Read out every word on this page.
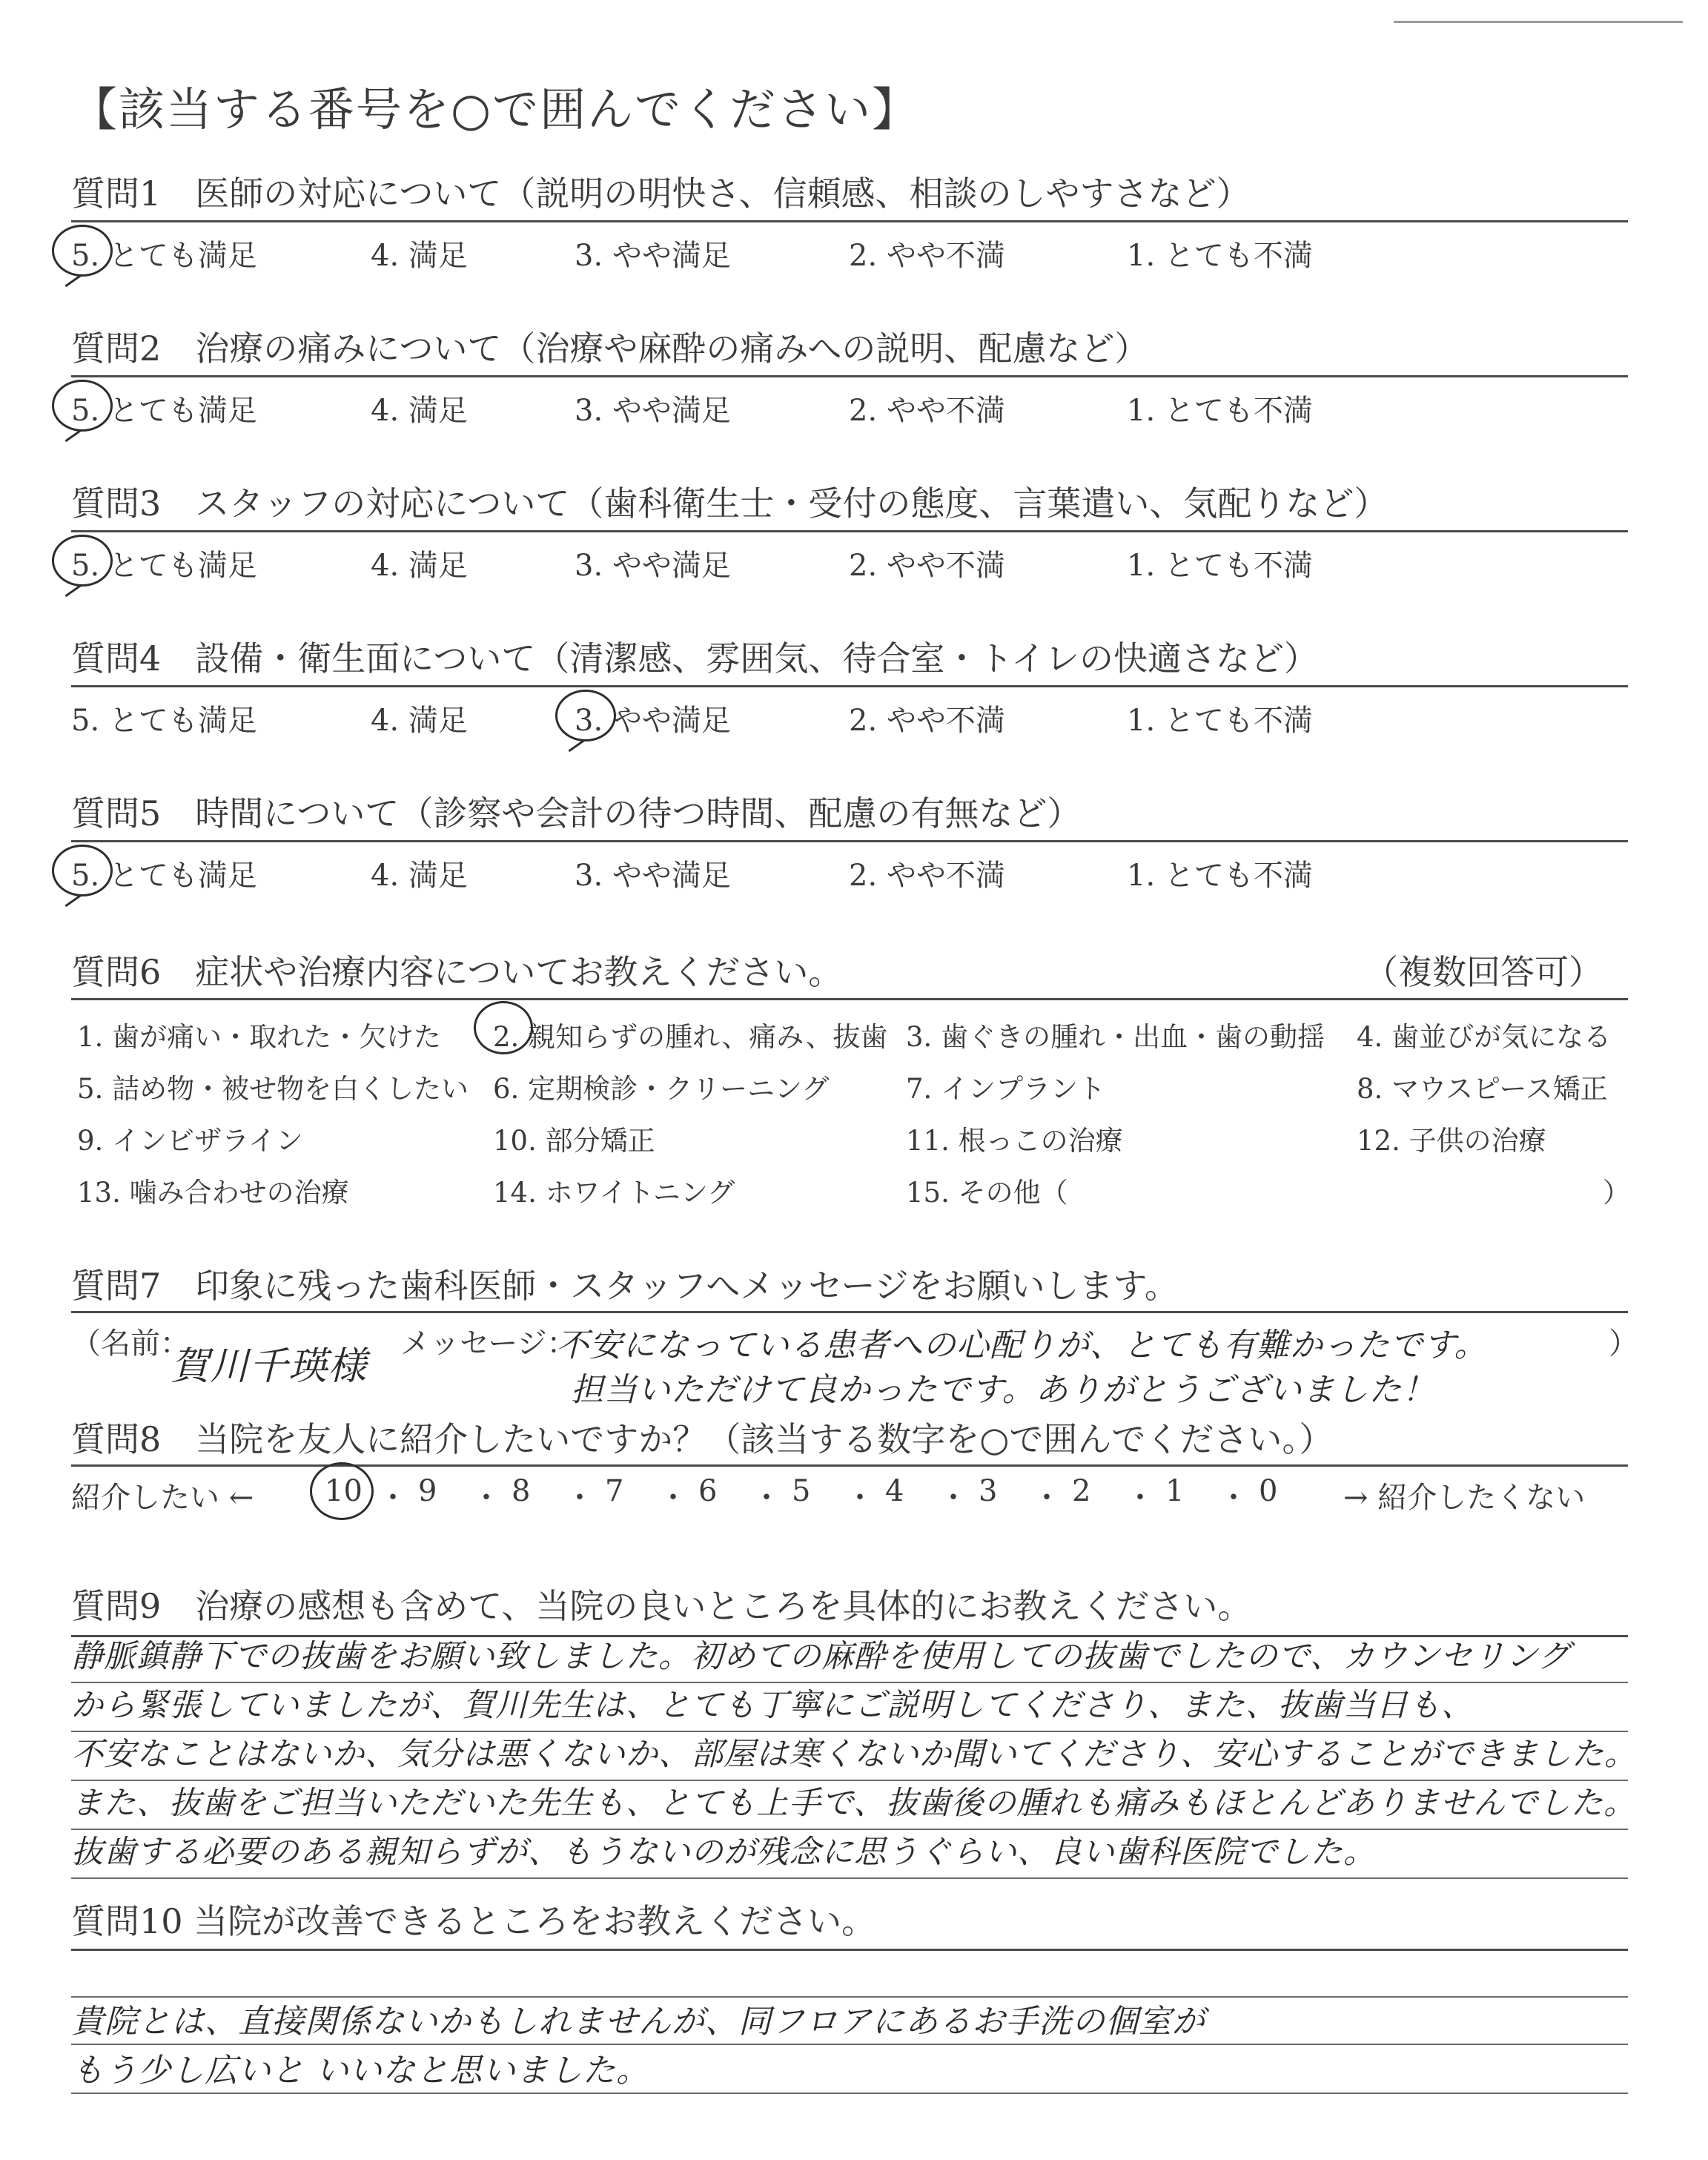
【該当する番号を○で囲んでください】
質問1　医師の対応について（説明の明快さ、信頼感、相談のしやすさなど）
5. とても満足	4. 満足	3. やや満足	2. やや不満	1. とても不満
質問2　治療の痛みについて（治療や麻酔の痛みへの説明、配慮など）
5. とても満足	4. 満足	3. やや満足	2. やや不満	1. とても不満
質問3　スタッフの対応について（歯科衛生士・受付の態度、言葉遣い、気配りなど）
5. とても満足	4. 満足	3. やや満足	2. やや不満	1. とても不満
質問4　設備・衛生面について（清潔感、雰囲気、待合室・トイレの快適さなど）
5. とても満足	4. 満足	3. やや満足	2. やや不満	1. とても不満
質問5　時間について（診察や会計の待つ時間、配慮の有無など）
5. とても満足	4. 満足	3. やや満足	2. やや不満	1. とても不満
質問6　症状や治療内容についてお教えください。	（複数回答可）
1. 歯が痛い・取れた・欠けた 2. 親知らずの腫れ、痛み、抜歯 3. 歯ぐきの腫れ・出血・歯の動揺 4. 歯並びが気になる
5. 詰め物・被せ物を白くしたい 6. 定期検診・クリーニング	7. インプラント	8. マウスピース矯正
9. インビザライン	10. 部分矯正	11. 根っこの治療	12. 子供の治療
13. 噛み合わせの治療	14. ホワイトニング	15. その他（	）
質問7　印象に残った歯科医師・スタッフへメッセージをお願いします。
（名前：
賀川千瑛様
メッセージ：
不安になっている患者への心配りが、とても有難かったです。
担当いただけて良かったです。ありがとうございました！
）
質問8　当院を友人に紹介したいですか？（該当する数字を○で囲んでください。）
紹介したい ← 10 ・ 9 ・ 8 ・ 7 ・ 6 ・ 5 ・ 4 ・ 3 ・ 2 ・ 1 ・ 0 → 紹介したくない
質問9　治療の感想も含めて、当院の良いところを具体的にお教えください。
静脈鎮静下での抜歯をお願い致しました。初めての麻酔を使用しての抜歯でしたので、カウンセリング
から緊張していましたが、賀川先生は、とても丁寧にご説明してくださり、また、抜歯当日も、
不安なことはないか、気分は悪くないか、部屋は寒くないか聞いてくださり、安心することができました。
また、抜歯をご担当いただいた先生も、とても上手で、抜歯後の腫れも痛みもほとんどありませんでした。
抜歯する必要のある親知らずが、もうないのが残念に思うぐらい、良い歯科医院でした。
質問10 当院が改善できるところをお教えください。
貴院とは、直接関係ないかもしれませんが、同フロアにあるお手洗の個室が
もう少し広いと いいなと思いました。
